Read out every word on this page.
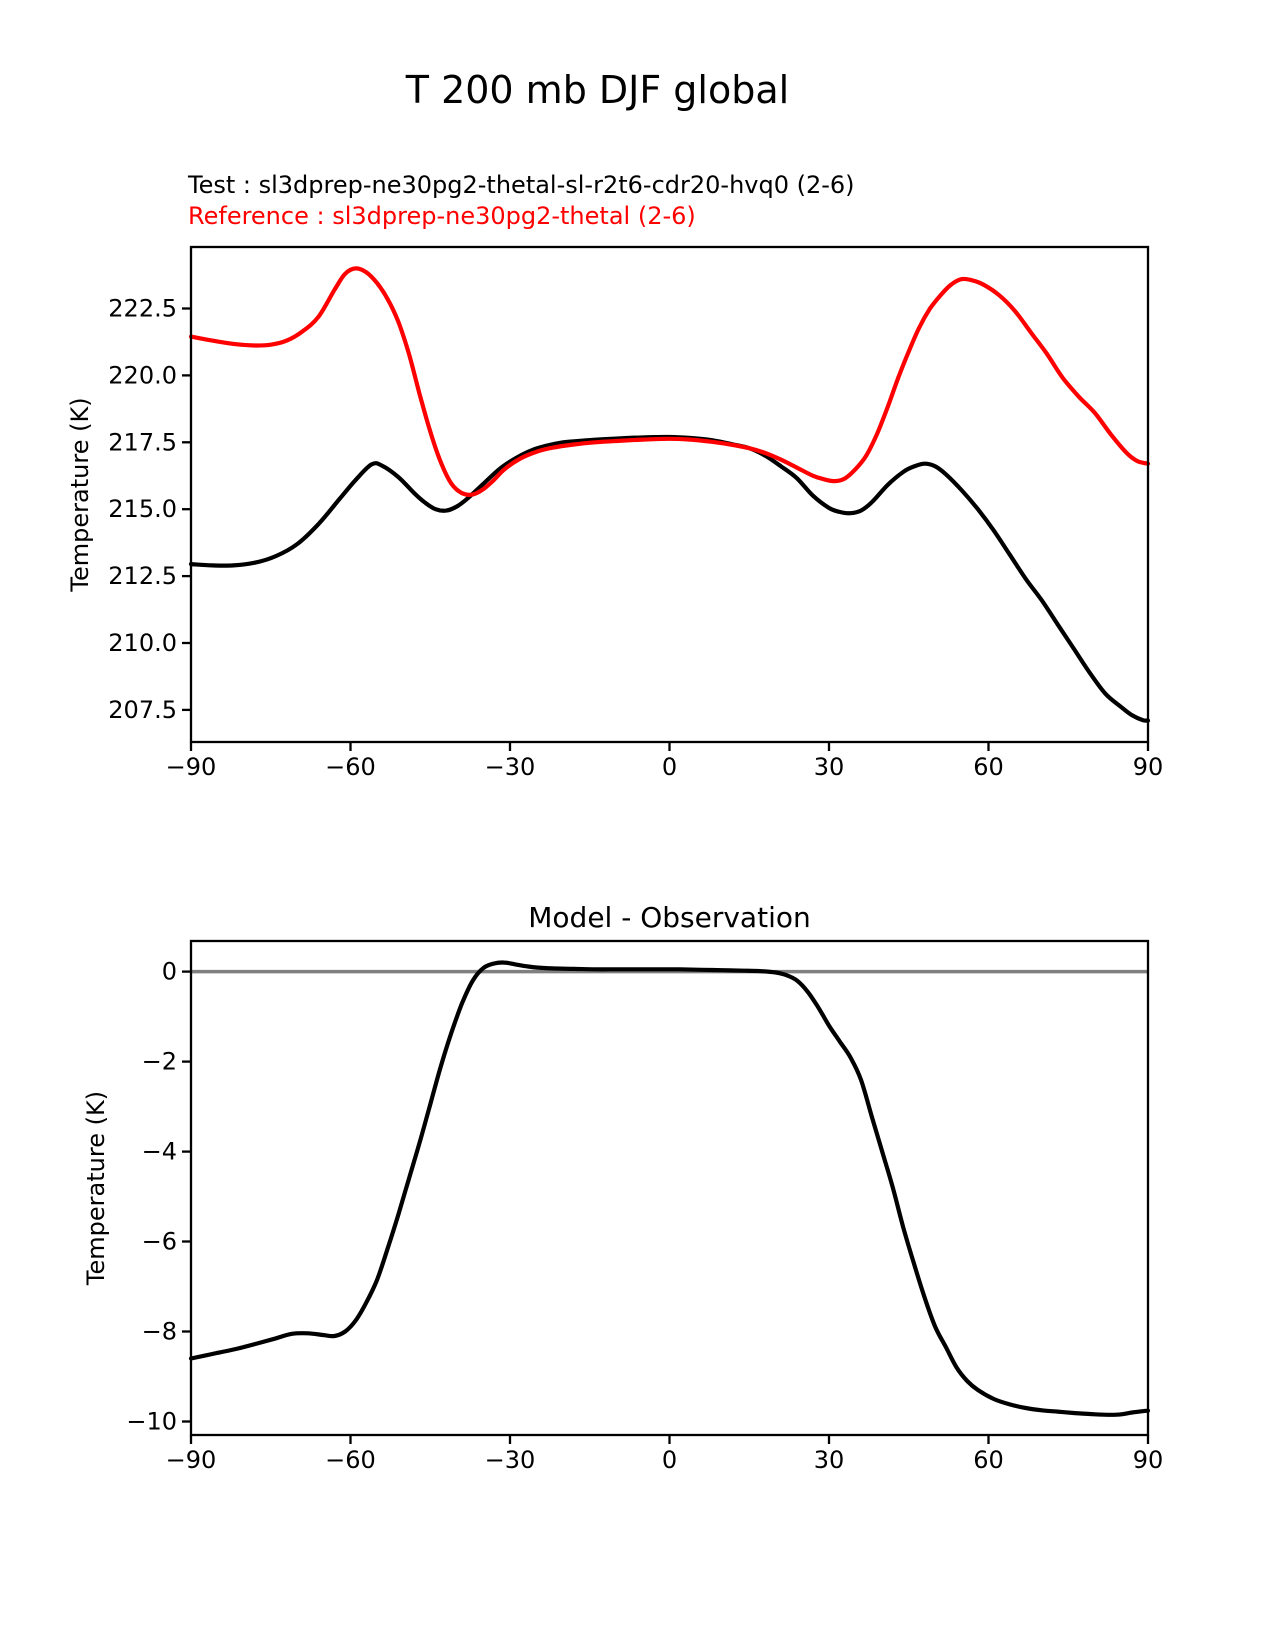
T 200 mb DJF global
Test : sl3dprep-ne30pg2-thetal-sl-r2t6-cdr20-hvq0 (2-6)
Reference : sl3dprep-ne30pg2-thetal (2-6)
−90	−60	−30	0	30	60	90
207.5
210.0
212.5
215.0
217.5
220.0
222.5
Temperature (K)
−90	−60	−30	0	30	60	90
−10
−8
−6
−4
−2
0
Temperature (K)
Model - Observation
